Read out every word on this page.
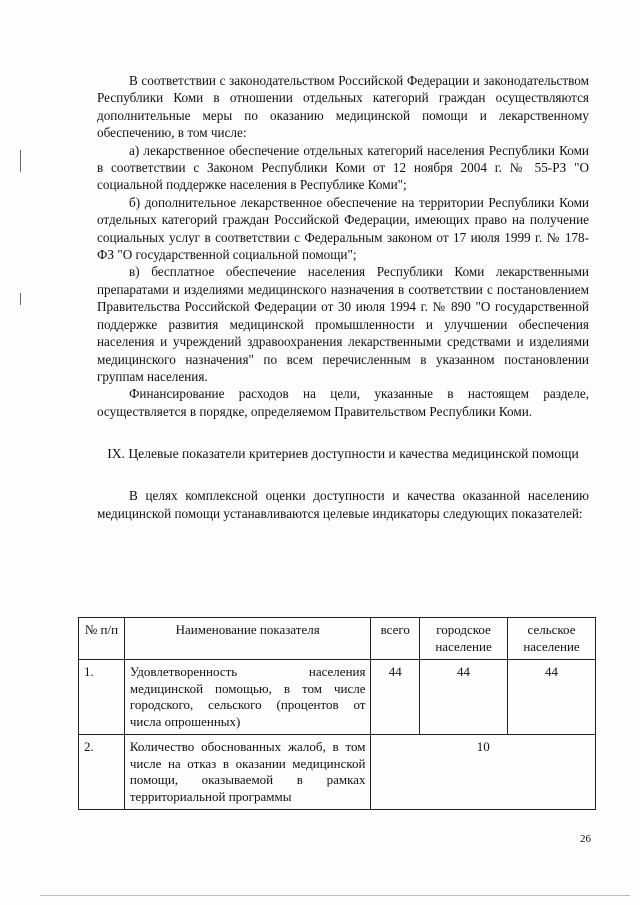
В соответствии с законодательством Российской Федерации и законодательством Республики Коми в отношении отдельных категорий граждан осуществляются дополнительные меры по оказанию медицинской помощи и лекарственному обеспечению, в том числе:

а) лекарственное обеспечение отдельных категорий населения Республики Коми в соответствии с Законом Республики Коми от 12 ноября 2004 г. № 55-РЗ "О социальной поддержке населения в Республике Коми";

б) дополнительное лекарственное обеспечение на территории Республики Коми отдельных категорий граждан Российской Федерации, имеющих право на получение социальных услуг в соответствии с Федеральным законом от 17 июля 1999 г. № 178-ФЗ "О государственной социальной помощи";

в) бесплатное обеспечение населения Республики Коми лекарственными препаратами и изделиями медицинского назначения в соответствии с постановлением Правительства Российской Федерации от 30 июля 1994 г. № 890 "О государственной поддержке развития медицинской промышленности и улучшении обеспечения населения и учреждений здравоохранения лекарственными средствами и изделиями медицинского назначения" по всем перечисленным в указанном постановлении группам населения.

Финансирование расходов на цели, указанные в настоящем разделе, осуществляется в порядке, определяемом Правительством Республики Коми.

IX. Целевые показатели критериев доступности и качества медицинской помощи

В целях комплексной оценки доступности и качества оказанной населению медицинской помощи устанавливаются целевые индикаторы следующих показателей:

№ п/п	Наименование показателя	всего	городское население	сельское население
1.	Удовлетворенность населения медицинской помощью, в том числе городского, сельского (процентов от числа опрошенных)	44	44	44
2.	Количество обоснованных жалоб, в том числе на отказ в оказании медицинской помощи, оказываемой в рамках территориальной программы	10		
26
